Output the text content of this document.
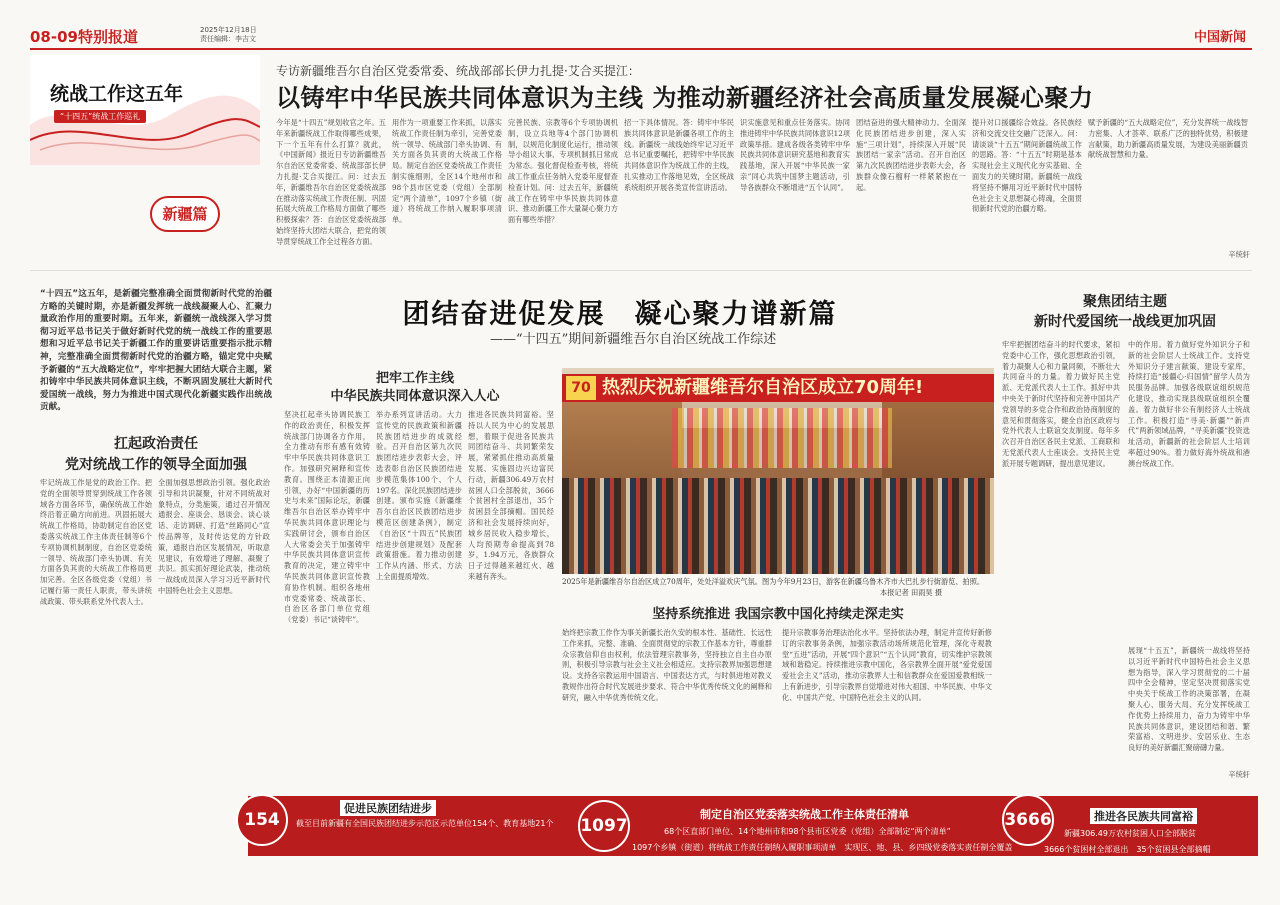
08-09特别报道	2025年12月18日
责任编辑：李吉文	中国新闻
统战工作这五年
“十四五”统战工作巡礼
新疆篇
专访新疆维吾尔自治区党委常委、统战部部长伊力扎提·艾合买提江：
以铸牢中华民族共同体意识为主线 为推动新疆经济社会高质量发展凝心聚力
今年是“十四五”规划收官之年。五年来新疆统战工作取得哪些成果，下一个五年有什么打算？就此，《中国新闻》报近日专访新疆维吾尔自治区党委常委、统战部部长伊力扎提·艾合买提江。问：过去五年，新疆维吾尔自治区党委统战部在推动落实统战工作责任制、巩固拓展大统战工作格局方面做了哪些积极探索？答：自治区党委统战部始终坚持大团结大联合，把党的领导贯穿统战工作全过程各方面。
用作为一项重要工作来抓，以落实统战工作责任制为牵引，完善党委统一领导、统战部门牵头协调、有关方面各负其责的大统战工作格局。制定自治区党委统战工作责任制实施细则，全区14个地州市和98个县市区党委（党组）全部制定“两个清单”，1097个乡镇（街道）将统战工作纳入履职事项清单。
完善民族、宗教等6个专项协调机制，设立兵地等4个部门协调机制，以规范化制度化运行，推动领导小组议大事、专项机制抓日常成为常态。强化督促检查考核，将统战工作重点任务纳入党委年度督查检查计划。问：过去五年，新疆统战工作在铸牢中华民族共同体意识、推动新疆工作大量凝心聚力方面有哪些举措？
招一下具体情况。答：铸牢中华民族共同体意识是新疆各项工作的主线。新疆统一战线始终牢记习近平总书记重要嘱托，把铸牢中华民族共同体意识作为统战工作的主线，扎实推动工作落地见效，全区统战系统组织开展各类宣传宣讲活动。
识实施意见和重点任务落实。协同推进铸牢中华民族共同体意识12项政策举措。建成各级各类铸牢中华民族共同体意识研究基地和教育实践基地，深入开展“中华民族一家亲”同心共筑中国梦主题活动，引导各族群众不断增进“五个认同”。
团结奋进的强大精神动力。全面深化民族团结进步创建，深入实施“三项计划”，持续深入开展“民族团结一家亲”活动。召开自治区第九次民族团结进步表彰大会，各族群众像石榴籽一样紧紧抱在一起。
提升对口援疆综合效益。各民族经济和交流交往交融广泛深入。问：请谈谈“十五五”期间新疆统战工作的思路。答：“十五五”时期是基本实现社会主义现代化夯实基础、全面发力的关键时期。新疆统一战线将坚持不懈用习近平新时代中国特色社会主义思想凝心铸魂，全面贯彻新时代党的治疆方略。
赋予新疆的“五大战略定位”，充分发挥统一战线智力密集、人才荟萃、联系广泛的独特优势，积极建言献策，助力新疆高质量发展，为建设美丽新疆贡献统战智慧和力量。
辛统轩
“十四五”这五年，是新疆完整准确全面贯彻新时代党的治疆方略的关键时期，亦是新疆发挥统一战线凝聚人心、汇聚力量政治作用的重要时期。五年来，新疆统一战线深入学习贯彻习近平总书记关于做好新时代党的统一战线工作的重要思想和习近平总书记关于新疆工作的重要讲话重要指示批示精神，完整准确全面贯彻新时代党的治疆方略，锚定党中央赋予新疆的“五大战略定位”，牢牢把握大团结大联合主题，紧扣铸牢中华民族共同体意识主线，不断巩固发展壮大新时代爱国统一战线，努力为推进中国式现代化新疆实践作出统战贡献。
团结奋进促发展　凝心聚力谱新篇
——“十四五”期间新疆维吾尔自治区统战工作综述
扛起政治责任
党对统战工作的领导全面加强
牢记统战工作是党的政治工作。把党的全面领导贯穿到统战工作各领域各方面各环节，确保统战工作始终沿着正确方向前进。巩固拓展大统战工作格局，协助制定自治区党委落实统战工作主体责任制等6个专项协调机制制度，自治区党委统一领导、统战部门牵头协调、有关方面各负其责的大统战工作格局更加完善。全区各级党委（党组）书记履行第一责任人职责，带头讲统战政策、带头联系党外代表人士。
全面加强思想政治引领。强化政治引导和共识凝聚，针对不同统战对象特点，分类施策，通过召开情况通报会、座谈会、恳谈会、谈心谈话、走访调研、打造“丝路同心”宣传品牌等，及时传达党的方针政策，通报自治区发展情况，听取意见建议，有效增进了理解、凝聚了共识。抓实抓好理论武装，推动统一战线成员深入学习习近平新时代中国特色社会主义思想。
把牢工作主线
中华民族共同体意识深入人心
坚决扛起牵头协调民族工作的政治责任，积极发挥统战部门协调各方作用，全力推动有形有感有效铸牢中华民族共同体意识工作。加强研究阐释和宣传教育。围绕正本清源正向引领，办好“中国新疆的历史与未来”国际论坛，新疆维吾尔自治区举办铸牢中华民族共同体意识理论与实践研讨会，颁布自治区人大常委会关于加强铸牢中华民族共同体意识宣传教育的决定，建立铸牢中华民族共同体意识宣传教育协作机制。组织各地州市党委常委、统战部长、自治区各部门单位党组（党委）书记“谈铸牢”。
举办系列宣讲活动。大力宣传党的民族政策和新疆民族团结进步的成就经验。召开自治区第九次民族团结进步表彰大会，评选表彰自治区民族团结进步模范集体100个、个人197名。深化民族团结进步创建。颁布实施《新疆维吾尔自治区民族团结进步模范区创建条例》，制定《自治区“十四五”民族团结进步创建规划》及配套政策措施。着力推动创建工作从内涵、形式、方法上全面提质增效。
推进各民族共同富裕。坚持以人民为中心的发展思想，着眼于促进各民族共同团结奋斗、共同繁荣发展，紧紧抓住推动高质量发展、实施固边兴边富民行动，新疆306.49万农村贫困人口全部脱贫，3666个贫困村全部退出，35个贫困县全部摘帽。国民经济和社会发展持续向好，城乡居民收入稳步增长，人均预期寿命提高到78岁，1.94万元，各族群众日子过得越来越红火、越来越有奔头。
热烈庆祝新疆维吾尔自治区成立70周年!
70
2025年是新疆维吾尔自治区成立70周年，处处洋溢欢庆气氛。图为今年9月23日，游客在新疆乌鲁木齐市大巴扎步行街游览、拍照。
本报记者 田雨昊 摄
坚持系统推进 我国宗教中国化持续走深走实
始终把宗教工作作为事关新疆长治久安的根本性、基础性、长远性工作来抓，完整、准确、全面贯彻党的宗教工作基本方针，尊重群众宗教信仰自由权利，依法管理宗教事务，坚持独立自主自办原则，积极引导宗教与社会主义社会相适应。支持宗教界加强思想建设。支持各宗教运用中国语言、中国表达方式，与时俱进地对教义教规作出符合时代发展进步要求、符合中华优秀传统文化的阐释和研究，融入中华优秀传统文化。
提升宗教事务治理法治化水平。坚持依法办理，制定并宣传好新修订的宗教事务条例，加强宗教活动场所规范化管理，深化寺观教堂“五进”活动，开展“四个意识”“五个认同”教育，切实维护宗教领域和谐稳定。持续推进宗教中国化，各宗教界全面开展“爱党爱国爱社会主义”活动，推动宗教界人士和信教群众在爱国爱教相统一上有新进步，引导宗教界自觉增进对伟大祖国、中华民族、中华文化、中国共产党、中国特色社会主义的认同。
聚焦团结主题
新时代爱国统一战线更加巩固
牢牢把握团结奋斗的时代要求，紧扣党委中心工作，强化思想政治引领，着力凝聚人心和力量同频，不断壮大共同奋斗的力量。着力做好民主党派、无党派代表人士工作。抓好中共中央关于新时代坚持和完善中国共产党领导的多党合作和政治协商制度的意见和贯彻落实，健全自治区政府与党外代表人士联谊交友制度。每年多次召开自治区各民主党派、工商联和无党派代表人士座谈会。支持民主党派开展专题调研，提出意见建议。
中的作用。着力做好党外知识分子和新的社会阶层人士统战工作。支持党外知识分子建言献策，建设专家库，持续打造“援疆心·归国情”留学人员为民服务品牌。加强各级联谊组织规范化建设，推动实现县级联谊组织全覆盖。着力做好非公有制经济人士统战工作。积极打造“寻美·新疆”“新声代”两新领域品牌，“寻美新疆”投资选址活动，新疆新的社会阶层人士培训率超过90%。着力做好海外统战和港澳台统战工作。
展现“十五五”，新疆统一战线将坚持以习近平新时代中国特色社会主义思想为指导，深入学习贯彻党的二十届四中全会精神，坚定坚决贯彻落实党中央关于统战工作的决策部署，在凝聚人心、服务大局、充分发挥统战工作优势上持续用力，奋力为铸牢中华民族共同体意识，建设团结和谐、繁荣富裕、文明进步、安居乐业、生态良好的美好新疆汇聚磅礴力量。
辛统轩
154
促进民族团结进步
截至目前新疆有全国民族团结进步示范区示范单位154个、教育基地21个 1097
制定自治区党委落实统战工作主体责任清单
68个区直部门单位、14个地州市和98个县市区党委（党组）全部制定“两个清单”
1097个乡镇（街道）将统战工作责任制纳入履职事项清单　实现区、地、县、乡四级党委落实责任制全覆盖
3666	推进各民族共同富裕
新疆306.49万农村贫困人口全部脱贫
3666个贫困村全部退出　35个贫困县全部摘帽
